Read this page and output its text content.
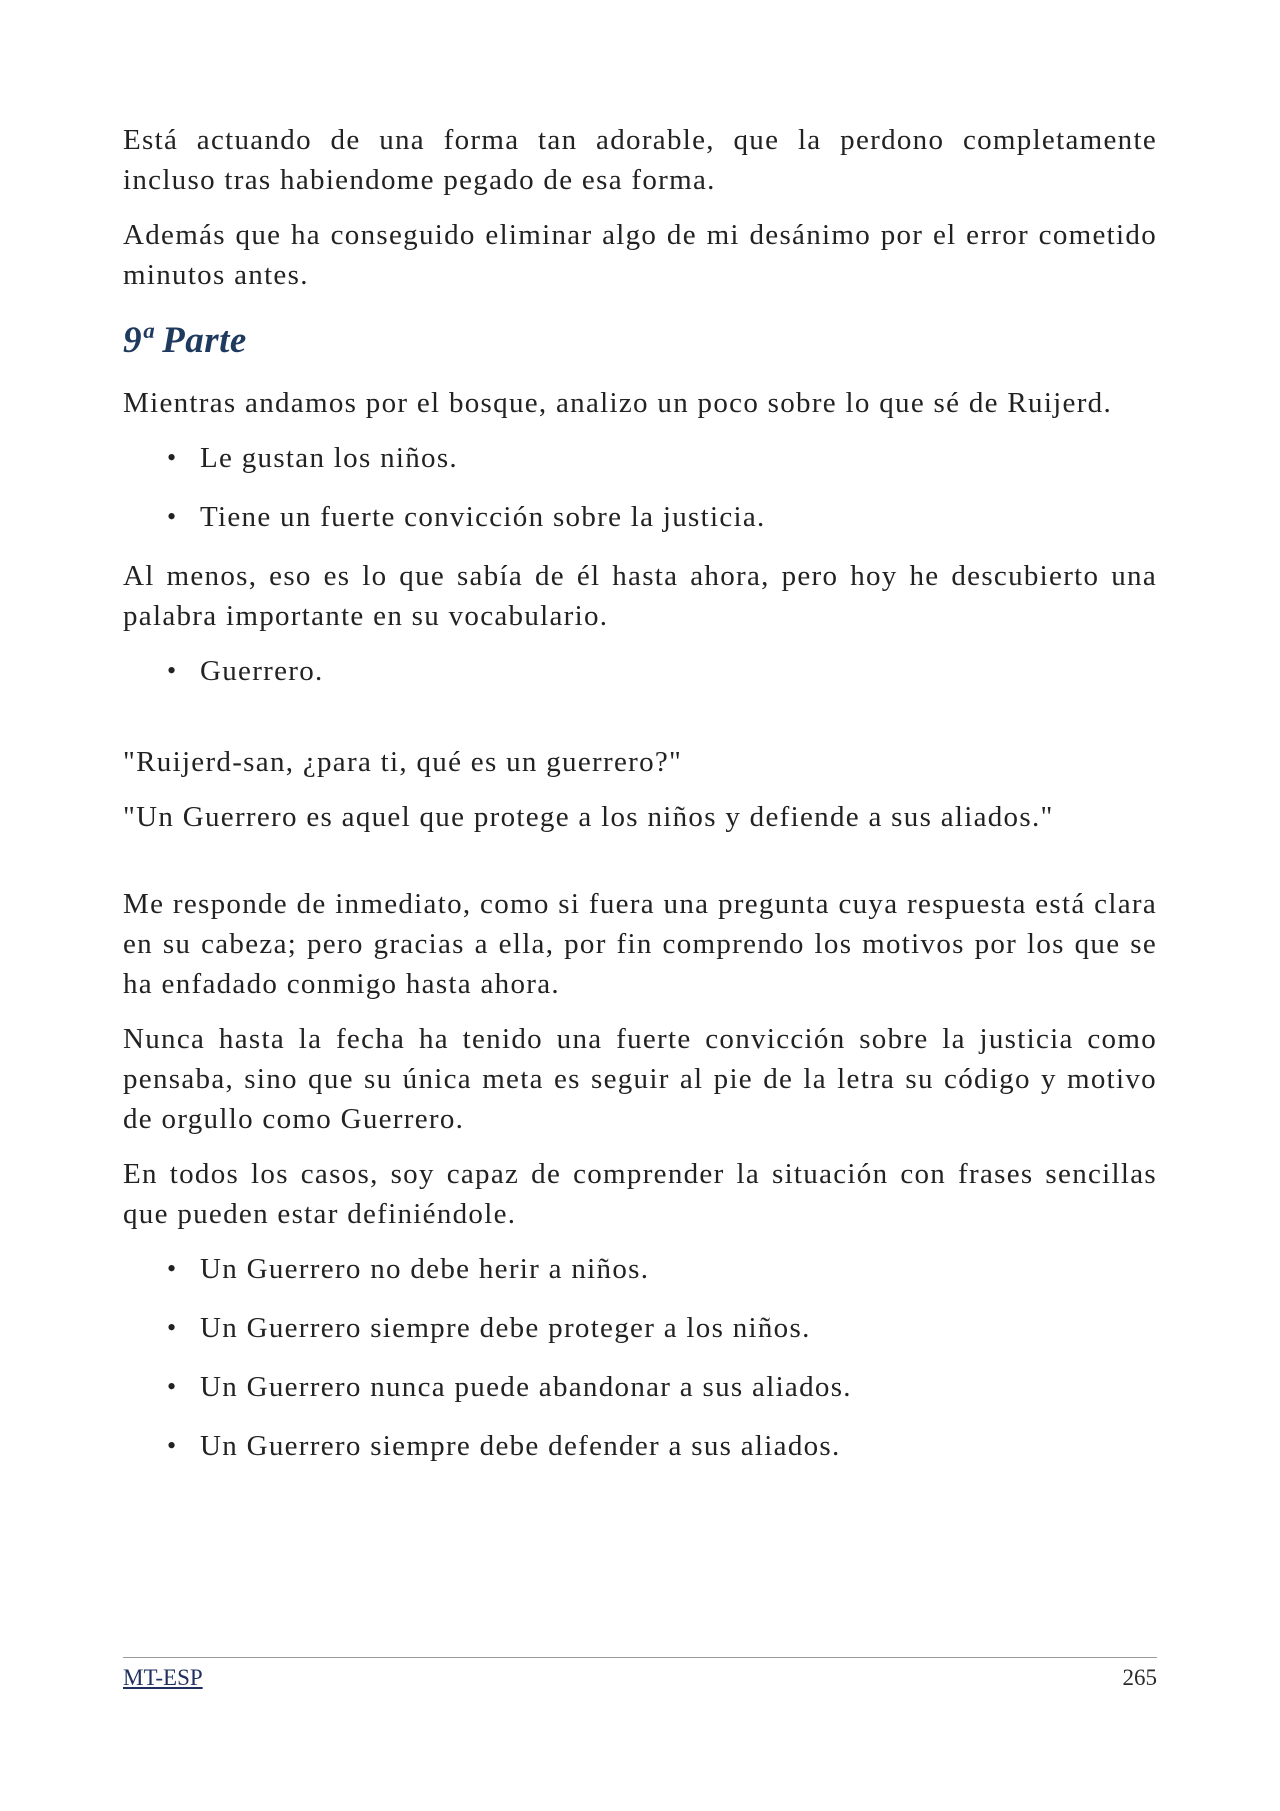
Está actuando de una forma tan adorable, que la perdono completamente incluso tras habiendome pegado de esa forma.

Además que ha conseguido eliminar algo de mi desánimo por el error cometido minutos antes.

9ª Parte

Mientras andamos por el bosque, analizo un poco sobre lo que sé de Ruijerd.

• Le gustan los niños.
• Tiene un fuerte convicción sobre la justicia.

Al menos, eso es lo que sabía de él hasta ahora, pero hoy he descubierto una palabra importante en su vocabulario.

• Guerrero.

"Ruijerd-san, ¿para ti, qué es un guerrero?"

"Un Guerrero es aquel que protege a los niños y defiende a sus aliados."

Me responde de inmediato, como si fuera una pregunta cuya respuesta está clara en su cabeza; pero gracias a ella, por fin comprendo los motivos por los que se ha enfadado conmigo hasta ahora.

Nunca hasta la fecha ha tenido una fuerte convicción sobre la justicia como pensaba, sino que su única meta es seguir al pie de la letra su código y motivo de orgullo como Guerrero.

En todos los casos, soy capaz de comprender la situación con frases sencillas que pueden estar definiéndole.

• Un Guerrero no debe herir a niños.
• Un Guerrero siempre debe proteger a los niños.
• Un Guerrero nunca puede abandonar a sus aliados.
• Un Guerrero siempre debe defender a sus aliados.
MT-ESP	265
